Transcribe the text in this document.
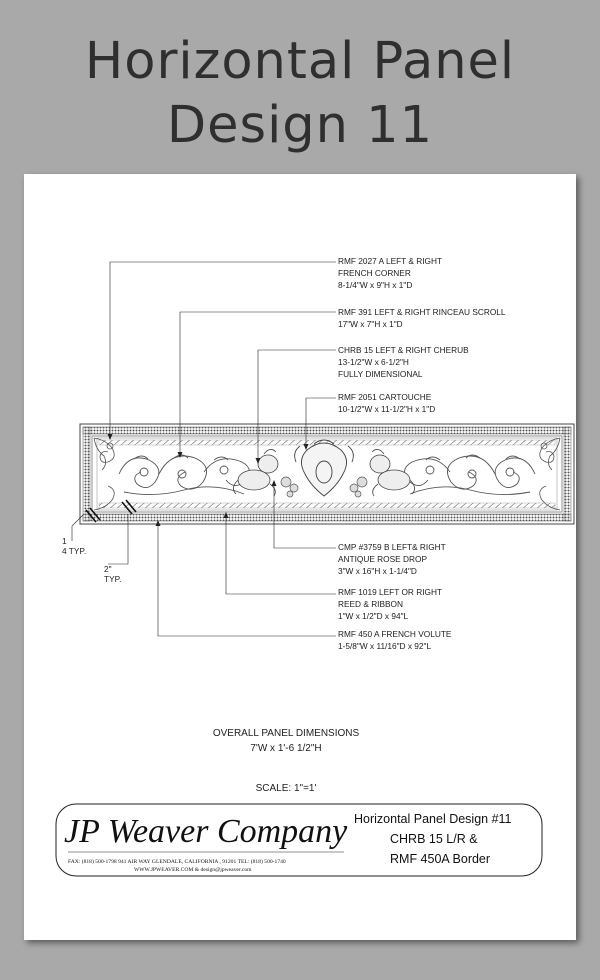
Horizontal Panel
Design 11
1
4 TYP.
2"
TYP.
RMF 2027 A LEFT & RIGHT FRENCH CORNER 8-1/4"W x 9"H x 1"D
RMF 391 LEFT & RIGHT RINCEAU SCROLL 17"W x 7"H x 1"D
CHRB 15 LEFT & RIGHT CHERUB 13-1/2"W x 6-1/2"H FULLY DIMENSIONAL
RMF 2051 CARTOUCHE 10-1/2"W x 11-1/2"H x 1"D
CMP #3759 B LEFT& RIGHT ANTIQUE ROSE DROP 3"W x 16"H x 1-1/4"D
RMF 1019 LEFT OR RIGHT REED & RIBBON 1"W x 1/2"D x 94"L
RMF 450 A FRENCH VOLUTE 1-5/8"W x 11/16"D x 92"L
OVERALL PANEL DIMENSIONS
7'W x 1'-6 1/2"H
SCALE: 1"=1'
JP Weaver Company
FAX: (818) 500-1798 941 AIR WAY GLENDALE, CALIFORNIA , 91201 TEL: (818) 500-1740
WWW.JPWEAVER.COM & design@jpweaver.com
Horizontal Panel Design #11
CHRB 15 L/R &
RMF 450A Border
